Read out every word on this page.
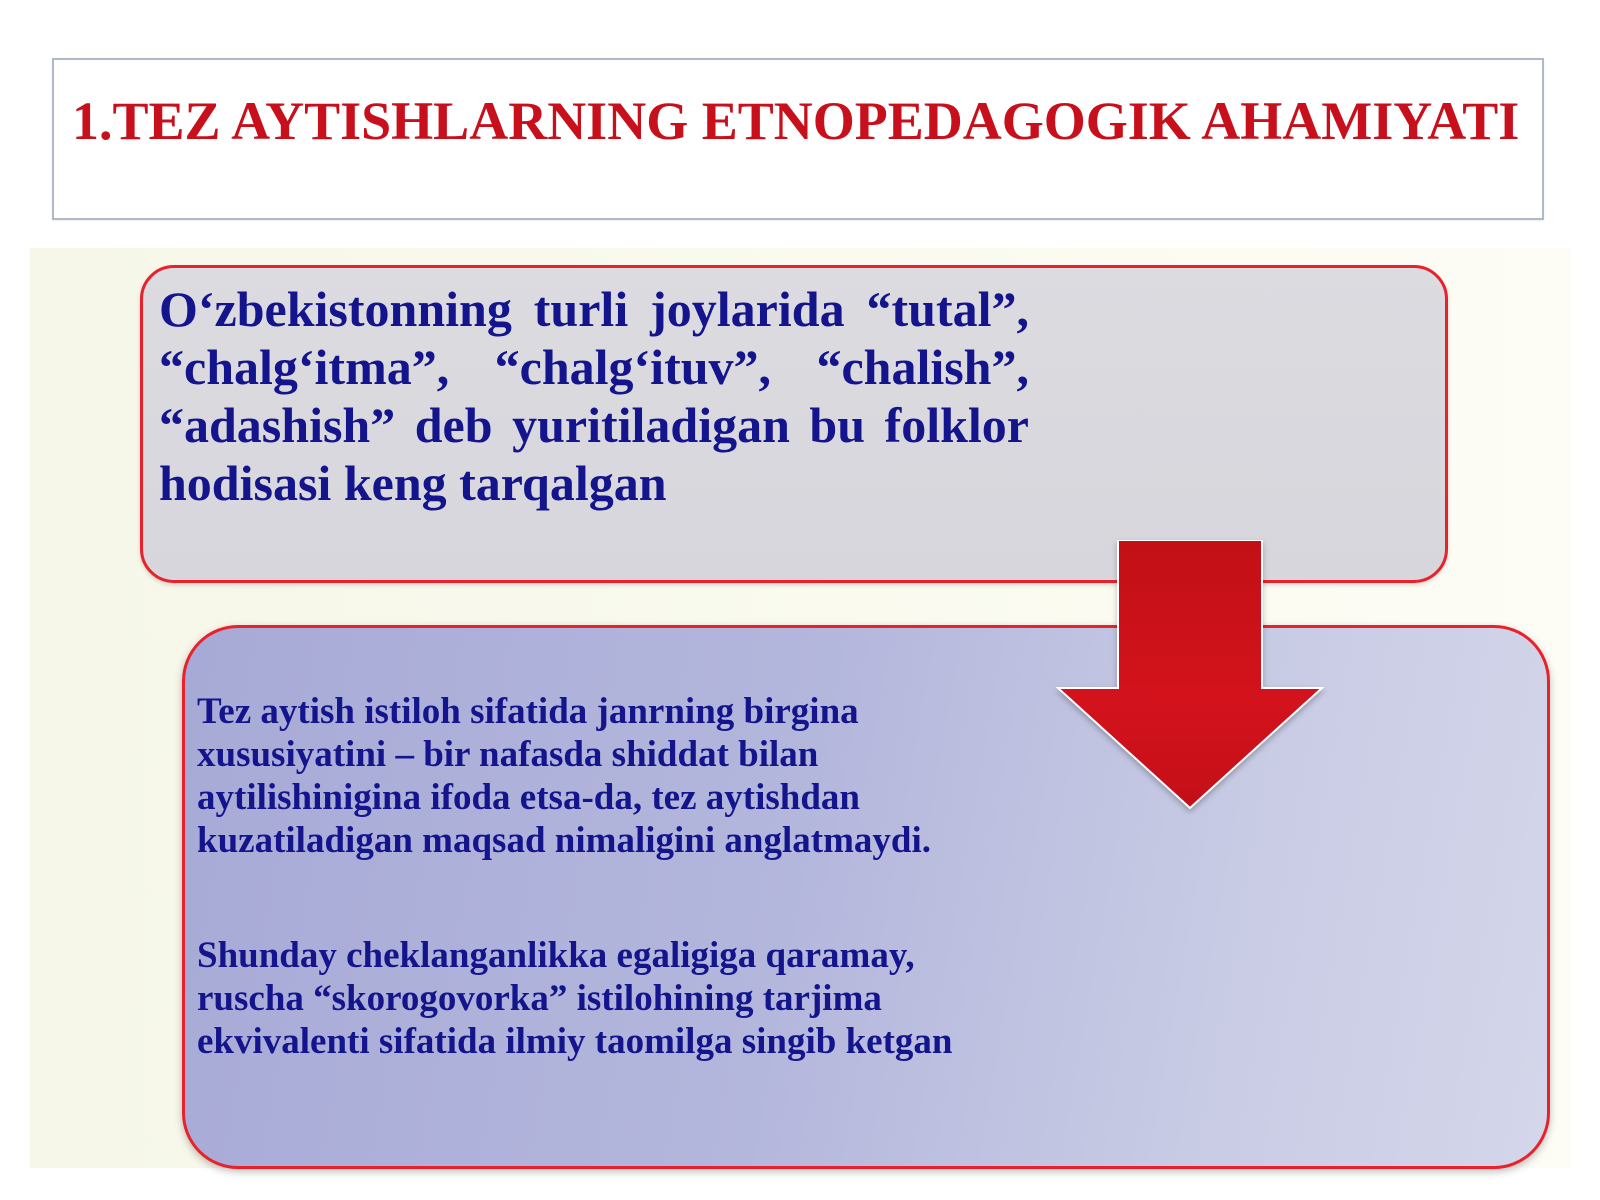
1.TEZ AYTISHLARNING ETNOPEDAGOGIK AHAMIYATI

O‘zbekistonning turli joylarida “tutal”, “chalg‘itma”, “chalg‘ituv”, “chalish”, “adashish” deb yuritiladigan bu folklor hodisasi keng tarqalgan

Tez aytish istiloh sifatida janrning birgina xususiyatini – bir nafasda shiddat bilan aytilishinigina ifoda etsa-da, tez aytishdan kuzatiladigan maqsad nimaligini anglatmaydi.

Shunday cheklanganlikka egaligiga qaramay, ruscha “skorogovorka” istilohining tarjima ekvivalenti sifatida ilmiy taomilga singib ketgan
